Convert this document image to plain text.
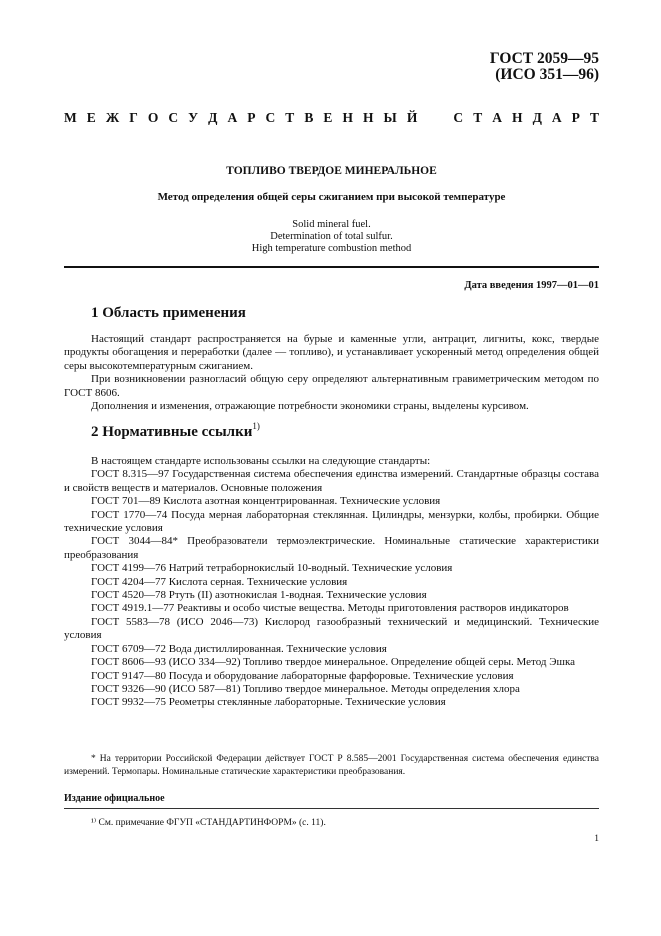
ГОСТ 2059—95
(ИСО 351—96)
М Е Ж Г О С У Д А Р С Т В Е Н Н Ы Й	С Т А Н Д А Р Т
ТОПЛИВО ТВЕРДОЕ МИНЕРАЛЬНОЕ
Метод определения общей серы сжиганием при высокой температуре
Solid mineral fuel.
Determination of total sulfur.
High temperature combustion method
Дата введения 1997—01—01
1 Область применения

Настоящий стандарт распространяется на бурые и каменные угли, антрацит, лигниты, кокс, твердые продукты обогащения и переработки (далее — топливо), и устанавливает ускоренный метод определения общей серы высокотемпературным сжиганием.

При возникновении разногласий общую серу определяют альтернативным гравиметрическим методом по ГОСТ 8606.

Дополнения и изменения, отражающие потребности экономики страны, выделены курсивом.

2 Нормативные ссылки$^{1)}$

В настоящем стандарте использованы ссылки на следующие стандарты:

ГОСТ 8.315—97 Государственная система обеспечения единства измерений. Стандартные образцы состава и свойств веществ и материалов. Основные положения

ГОСТ 701—89 Кислота азотная концентрированная. Технические условия

ГОСТ 1770—74 Посуда мерная лабораторная стеклянная. Цилиндры, мензурки, колбы, пробирки. Общие технические условия

ГОСТ 3044—84* Преобразователи термоэлектрические. Номинальные статические характеристики преобразования

ГОСТ 4199—76 Натрий тетраборнокислый 10-водный. Технические условия

ГОСТ 4204—77 Кислота серная. Технические условия

ГОСТ 4520—78 Ртуть (II) азотнокислая 1-водная. Технические условия

ГОСТ 4919.1—77 Реактивы и особо чистые вещества. Методы приготовления растворов индикаторов

ГОСТ 5583—78 (ИСО 2046—73) Кислород газообразный технический и медицинский. Технические условия

ГОСТ 6709—72 Вода дистиллированная. Технические условия

ГОСТ 8606—93 (ИСО 334—92) Топливо твердое минеральное. Определение общей серы. Метод Эшка

ГОСТ 9147—80 Посуда и оборудование лабораторные фарфоровые. Технические условия

ГОСТ 9326—90 (ИСО 587—81) Топливо твердое минеральное. Методы определения хлора

ГОСТ 9932—75 Реометры стеклянные лабораторные. Технические условия

* На территории Российской Федерации действует ГОСТ Р 8.585—2001 Государственная система обеспечения единства измерений. Термопары. Номинальные статические характеристики преобразования.
Издание официальное
¹⁾ См. примечание ФГУП «СТАНДАРТИНФОРМ» (с. 11).
1
